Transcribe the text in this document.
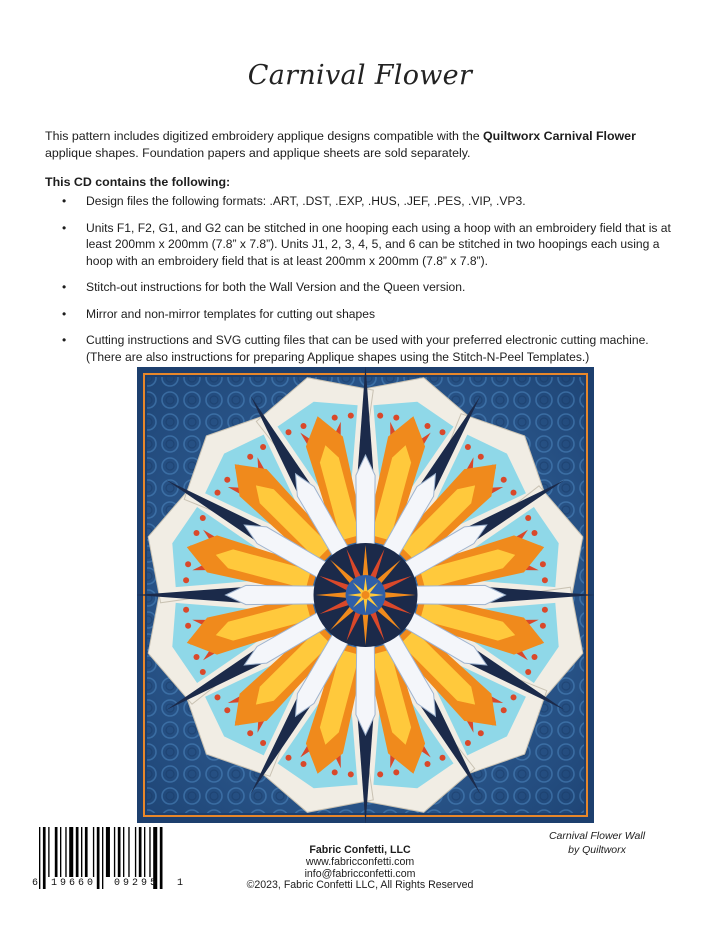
Carnival Flower

This pattern includes digitized embroidery applique designs compatible with the Quiltworx Carnival Flower applique shapes. Foundation papers and applique sheets are sold separately.

This CD contains the following:

• Design files the following formats: .ART, .DST, .EXP, .HUS, .JEF, .PES, .VIP, .VP3.
• Units F1, F2, G1, and G2 can be stitched in one hooping each using a hoop with an embroidery field that is at least 200mm x 200mm (7.8” x 7.8”). Units J1, 2, 3, 4, 5, and 6 can be stitched in two hoopings each using a hoop with an embroidery field that is at least 200mm x 200mm (7.8” x 7.8”).
• Stitch-out instructions for both the Wall Version and the Queen version.
• Mirror and non-mirror templates for cutting out shapes
• Cutting instructions and SVG cutting files that can be used with your preferred electronic cutting machine. (There are also instructions for preparing Applique shapes using the Stitch-N-Peel Templates.)
Carnival Flower Wall
by Quiltworx
6 19660 09295 1
Fabric Confetti, LLC
www.fabricconfetti.com
info@fabricconfetti.com
©2023, Fabric Confetti LLC, All Rights Reserved
